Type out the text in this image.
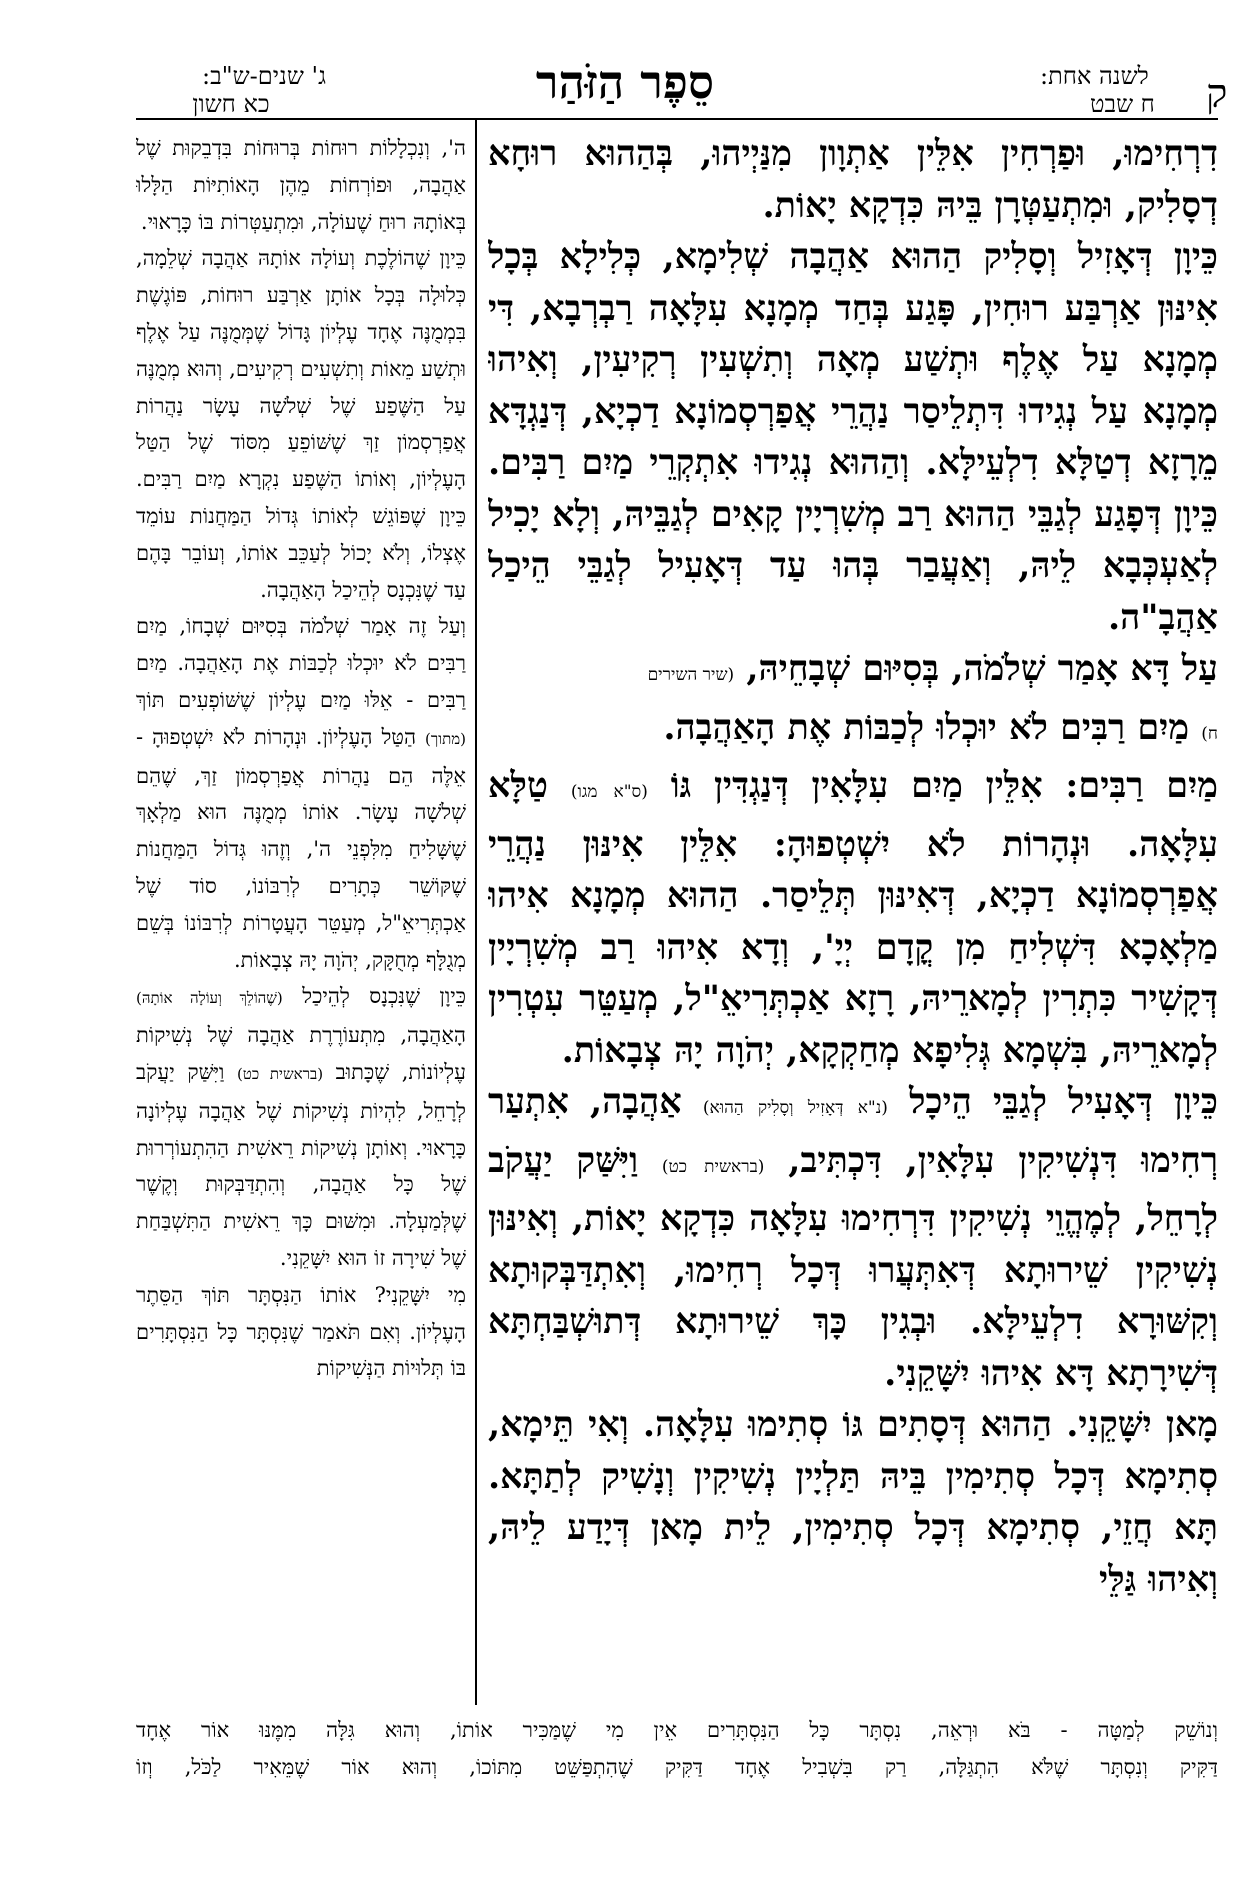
ג' שנים-ש"ב:
כא חשון	סֵפֶר הַזֹּהַר	לשנה אחת:
ח שבט	ק

דִרְחִימוּ, וּפַרְחִין אִלֵּין אַתְוָון מִנַּיְיהוּ, בְּהַהוּא רוּחָא דְסָלִיק, וּמִתְעַטְּרָן בֵּיהּ כִּדְקָא יָאוֹת.

כֵּיוָן דְּאָזִיל וְסָלִיק הַהוּא אַהֲבָה שְׁלִימָא, כְּלִילָא בְּכָל אִינּוּן אַרְבַּע רוּחִין, פָּגַע בְּחַד מְמָנָא עִלָּאָה רַבְרְבָא, דִּי מְמָנָא עַל אֶלֶף וּתְשַׁע מְאָה וְתִשְׁעִין רְקִיעִין, וְאִיהוּ מְמָנָא עַל נְגִידוּ דִּתְלֵיסַר נַהֲרֵי אֲפַרְסְמוֹנָא דַכְיָא, דְּנַגְדָּא מֵרָזָא דְטַלָּא דִלְעֵילָּא. וְהַהוּא נְגִידוּ אִתְקְרֵי מַיִם רַבִּים. כֵּיוָן דְּפָגַע לְגַבֵּי הַהוּא רַב מְשִׁרְיָין קָאִים לְגַבֵּיהּ, וְלָא יָכִיל לְאַעְכְּבָא לֵיהּ, וְאַעֲבַר בְּהוּ עַד דְּאָעִיל לְגַבֵּי הֵיכַל אַהֲבָ"ה.

עַל דָּא אָמַר שְׁלֹמֹה, בְּסִיּוּם שְׁבָחֵיהּ, (שיר השירים

ח) מַיִם רַבִּים לֹא יוּכְלוּ לְכַבּוֹת אֶת הָאַהֲבָה.

מַיִם רַבִּים: אִלֵּין מַיִם עִלָּאִין דְּנַגְדִּין גּוֹ (ס"א מגו) טַלָּא עִלָּאָה. וּנְהָרוֹת לֹא יִשְׁטְפוּהָ: אִלֵּין אִינּוּן נַהֲרֵי אֲפַרְסְמוֹנָא דַכְיָא, דְּאִינּוּן תְּלֵיסַר. הַהוּא מְמָנָא אִיהוּ מַלְאָכָא דִּשְׁלִיחַ מִן קֳדָם יְיָ', וְדָא אִיהוּ רַב מְשִׁרְיָין דְּקָשִׁיר כִּתְרִין לְמָארֵיהּ, רָזָא אַכְתְּרִיאֵ"ל, מְעַטֵּר עִטְרִין לְמָארֵיהּ, בִּשְׁמָא גְּלִיפָא מְחַקְקָא, יְהֹוָה יָהּ צְבָאוֹת.

כֵּיוָן דְּאָעִיל לְגַבֵּי הֵיכָל (נ"א דְּאָזִיל וְסָלִיק הַהוּא) אַהֲבָה, אִתְעַר רְחִימוּ דִּנְשִׁיקִין עִלָּאִין, דִּכְתִּיב, (בראשית כט) וַיִּשַּׁק יַעֲקֹב לְרָחֵל, לְמֶהֱוֵי נְשִׁיקִין דִּרְחִימוּ עִלָּאָה כִּדְקָא יָאוֹת, וְאִינּוּן נְשִׁיקִין שֵׁירוּתָא דְּאִתְּעֲרוּ דְּכָל רְחִימוּ, וְאִתְדַּבְּקוּתָא וְקִשּׁוּרָא דִלְעֵילָּא. וּבְגִין כָּךְ שֵׁירוּתָא דְּתוּשְׁבַּחְתָּא דְּשִׁירָתָא דָּא אִיהוּ יִשָּׁקֵנִי.

מָאן יִשָּׁקֵנִי. הַהוּא דְּסָתִים גּוֹ סְתִימוּ עִלָּאָה. וְאִי תֵּימָא, סְתִימָא דְּכָל סְתִימִין בֵּיהּ תַּלְיָין נְשִׁיקִין וְנָשִׁיק לְתַתָּא. תָּא חֲזֵי, סְתִימָא דְּכָל סְתִימִין, לֵית מָאן דְּיָדַע לֵיהּ, וְאִיהוּ גַּלֵּי

ה', וְנִכְלָלוֹת רוּחוֹת בְּרוּחוֹת בִּדְבֵקוּת שֶׁל אַהֲבָה, וּפוֹרְחוֹת מֵהֶן הָאוֹתִיּוֹת הַלָּלוּ בְּאוֹתָהּ רוּחַ שֶׁעוֹלָה, וּמִתְעַטְּרוֹת בּוֹ כָּרָאוּי.

כֵּיוָן שֶׁהוֹלֶכֶת וְעוֹלָה אוֹתָהּ אַהֲבָה שְׁלֵמָה, כְּלוּלָה בְּכָל אוֹתָן אַרְבַּע רוּחוֹת, פּוֹגֶשֶׁת בִּמְמֻנֶּה אֶחָד עֶלְיוֹן גָּדוֹל שֶׁמְּמֻנֶּה עַל אֶלֶף וּתְשַׁע מֵאוֹת וְתִשְׁעִים רְקִיעִים, וְהוּא מְמֻנֶּה עַל הַשֶּׁפַע שֶׁל שְׁלֹשָׁה עָשָׂר נַהֲרוֹת אֲפַרְסְמוֹן זַךְ שֶׁשּׁוֹפֵעַ מִסּוֹד שֶׁל הַטַּל הָעֶלְיוֹן, וְאוֹתוֹ הַשֶּׁפַע נִקְרָא מַיִם רַבִּים. כֵּיוָן שֶׁפּוֹגֵשׁ לְאוֹתוֹ גְּדוֹל הַמַּחֲנוֹת עוֹמֵד אֶצְלוֹ, וְלֹא יָכוֹל לְעַכֵּב אוֹתוֹ, וְעוֹבֵר בָּהֶם עַד שֶׁנִּכְנָס לְהֵיכַל הָאַהֲבָה.

וְעַל זֶה אָמַר שְׁלֹמֹה בְּסִיּוּם שְׁבָחוֹ, מַיִם רַבִּים לֹא יוּכְלוּ לְכַבּוֹת אֶת הָאַהֲבָה. מַיִם רַבִּים - אֵלּוּ מַיִם עֶלְיוֹן שֶׁשּׁוֹפְעִים תּוֹךְ (מתוך) הַטַּל הָעֶלְיוֹן. וּנְהָרוֹת לֹא יִשְׁטְפוּהָ - אֵלֶּה הֵם נַהֲרוֹת אֲפַרְסְמוֹן זַךְ, שֶׁהֵם שְׁלֹשָׁה עָשָׂר. אוֹתוֹ מְמֻנֶּה הוּא מַלְאָךְ שֶׁשָּׁלִיחַ מִלִּפְנֵי ה', וְזֶהוּ גְּדוֹל הַמַּחֲנוֹת שֶׁקּוֹשֵׁר כְּתָרִים לְרִבּוֹנוֹ, סוֹד שֶׁל אַכְתְּרִיאֵ"ל, מְעַטֵּר הָעֲטָרוֹת לְרִבּוֹנוֹ בְּשֵׁם מְגֻלָּף מְחֻקָּק, יְהֹוָה יָהּ צְבָאוֹת.

כֵּיוָן שֶׁנִּכְנָס לְהֵיכַל (שֶׁהוֹלֵךְ וְעוֹלָה אוֹתָהּ) הָאַהֲבָה, מִתְעוֹרֶרֶת אַהֲבָה שֶׁל נְשִׁיקוֹת עֶלְיוֹנוֹת, שֶׁכָּתוּב (בראשית כט) וַיִּשַּׁק יַעֲקֹב לְרָחֵל, לִהְיוֹת נְשִׁיקוֹת שֶׁל אַהֲבָה עֶלְיוֹנָה כָּרָאוּי. וְאוֹתָן נְשִׁיקוֹת רֵאשִׁית הַהִתְעוֹרְרוּת שֶׁל כָּל אַהֲבָה, וְהִתְדַּבְּקוּת וְקֶשֶׁר שֶׁלְּמַעְלָה. וּמִשּׁוּם כָּךְ רֵאשִׁית הַתִּשְׁבַּחַת שֶׁל שִׁירָה זוֹ הוּא יִשָּׁקֵנִי.

מִי יִשָּׁקֵנִי? אוֹתוֹ הַנִּסְתָּר תּוֹךְ הַסֵּתֶר הָעֶלְיוֹן. וְאִם תֹּאמַר שֶׁנִּסְתָּר כָּל הַנִּסְתָּרִים בּוֹ תְּלוּיוֹת הַנְּשִׁיקוֹת

וְנוֹשֵׁק לְמַטָּה - בֹּא וּרְאֵה, נִסְתָּר כָּל הַנִּסְתָּרִים אֵין מִי שֶׁמַּכִּיר אוֹתוֹ, וְהוּא גִּלָּה מִמֶּנּוּ אוֹר אֶחָד

דַּקִּיק וְנִסְתָּר שֶׁלֹּא הִתְגַּלָּה, רַק בִּשְׁבִיל אֶחָד דַּקִּיק שֶׁהִתְפַּשֵּׁט מִתּוֹכוֹ, וְהוּא אוֹר שֶׁמֵּאִיר לַכֹּל, וְזוֹ
